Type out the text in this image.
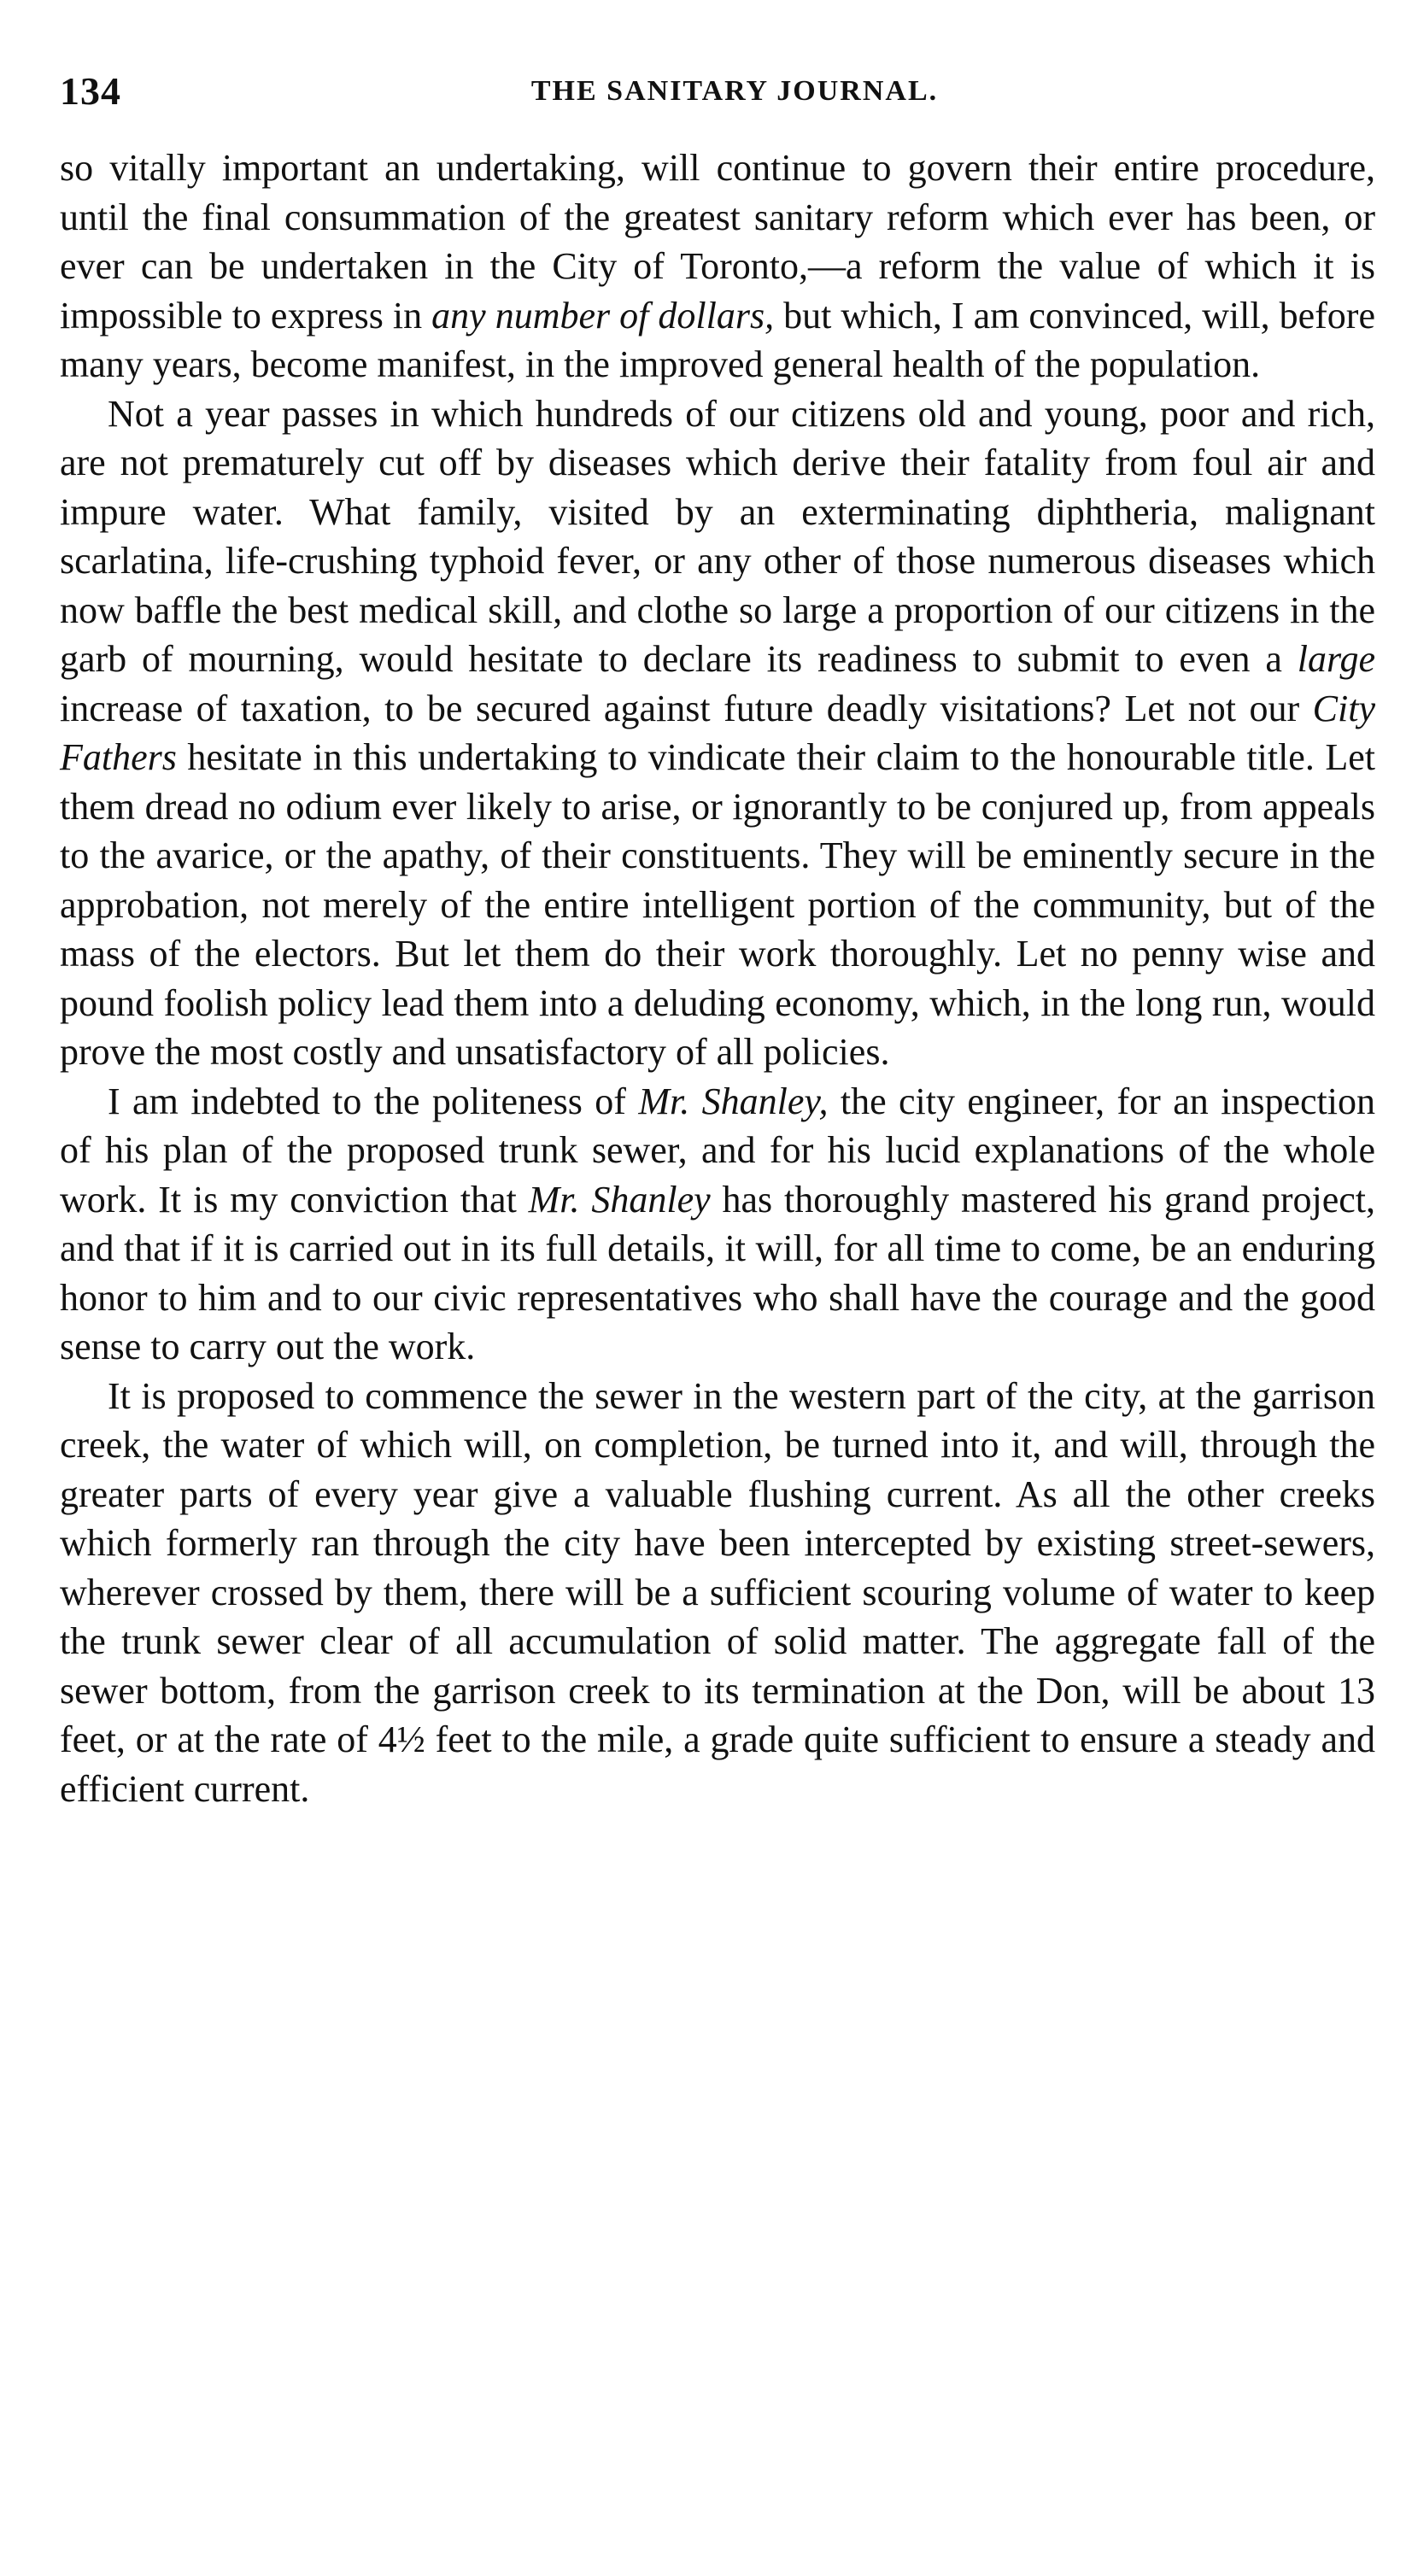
134	THE SANITARY JOURNAL.

so vitally important an undertaking, will continue to govern their entire procedure, until the final consummation of the greatest sanitary reform which ever has been, or ever can be undertaken in the City of Toronto,—a reform the value of which it is impossible to express in any number of dollars, but which, I am convinced, will, before many years, become manifest, in the improved general health of the population.

Not a year passes in which hundreds of our citizens old and young, poor and rich, are not prematurely cut off by diseases which derive their fatality from foul air and impure water. What family, visited by an exterminating diphtheria, malignant scarlatina, life-crushing typhoid fever, or any other of those numerous diseases which now baffle the best medical skill, and clothe so large a proportion of our citizens in the garb of mourning, would hesitate to declare its readiness to submit to even a large increase of taxation, to be secured against future deadly visitations? Let not our City Fathers hesitate in this undertaking to vindicate their claim to the honourable title. Let them dread no odium ever likely to arise, or ignorantly to be conjured up, from appeals to the avarice, or the apathy, of their constituents. They will be eminently secure in the approbation, not merely of the entire intelligent portion of the community, but of the mass of the electors. But let them do their work thoroughly. Let no penny wise and pound foolish policy lead them into a deluding economy, which, in the long run, would prove the most costly and unsatisfactory of all policies.

I am indebted to the politeness of Mr. Shanley, the city engineer, for an inspection of his plan of the proposed trunk sewer, and for his lucid explanations of the whole work. It is my conviction that Mr. Shanley has thoroughly mastered his grand project, and that if it is carried out in its full details, it will, for all time to come, be an enduring honor to him and to our civic representatives who shall have the courage and the good sense to carry out the work.

It is proposed to commence the sewer in the western part of the city, at the garrison creek, the water of which will, on completion, be turned into it, and will, through the greater parts of every year give a valuable flushing current. As all the other creeks which formerly ran through the city have been intercepted by existing street-sewers, wherever crossed by them, there will be a sufficient scouring volume of water to keep the trunk sewer clear of all accumulation of solid matter. The aggregate fall of the sewer bottom, from the garrison creek to its termination at the Don, will be about 13 feet, or at the rate of 4½ feet to the mile, a grade quite sufficient to ensure a steady and efficient current.
